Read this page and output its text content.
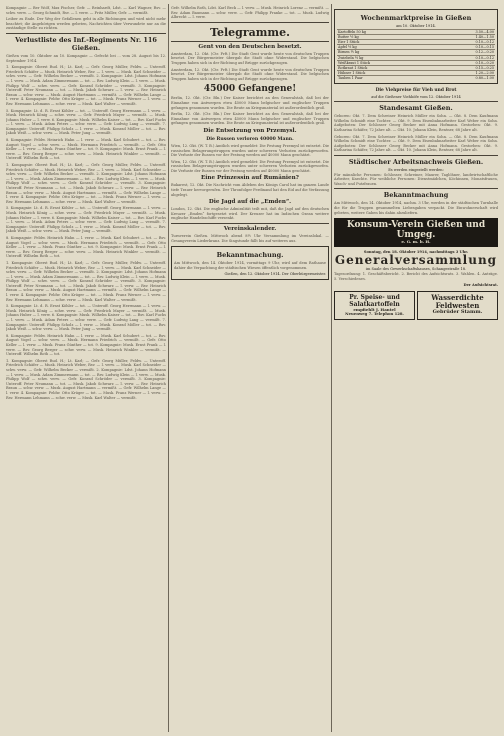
Kompagnie — Ber Wolf, Max Fischer, Gefr. — Reinhardt, Ldst. — Karl Wagner, Rsv. — schw. verw. — Georg Schmidt, Rsv. — l. verw. — Fritz Müller, Gefr. — vermißt.
Leiber zu Ende. Der Weg der Gefallenen geht in alle Richtungen und wird nicht mehr beachtet; die Angehörigen werden gebeten, Nachrichten über Verwundete nur an die zuständige Stelle zu richten.
Verlustliste des Inf.-Regiments Nr. 116 Gießen.
Gießen vom 10. Oktober an 10. Kompagnie — Gefecht bei ... vom 28. August bis 12. September 1914.
1. Kompagnie: Oberst Rud. H.; Lt. Karl; — Gefr. Georg Müller, Feldw. — Unteroff. Friedrich Schäfer — Musk. Heinrich Weber, Rsv. — l. verw. — Musk. Karl Schneider — schw. verw. — Gefr. Wilhelm Becker — vermißt. 2. Kompagnie: Ldst. Johann Hofmann — l. verw. — Musk. Adam Zimmermann — tot. — Rsv. Ludwig Klein — l. verw. — Musk. Philipp Wolf — schw. verw. — Gefr. Konrad Schröder — vermißt. 3. Kompagnie: Unteroff. Peter Neumann — tot. — Musk. Jakob Schwarz — l. verw. — Rsv. Heinrich Braun — schw. verw. — Musk. August Hartmann — vermißt. — Gefr. Wilhelm Lange — l. verw. 4. Kompagnie: Feldw. Otto Krüger — tot. — Musk. Franz Werner — l. verw. — Rsv. Hermann Lehmann — schw. verw. — Musk. Karl Walter — vermißt.
5. Kompagnie: Lt. d. R. Ernst Köhler — tot. — Unteroff. Georg Herrmann — l. verw. — Musk. Heinrich König — schw. verw. — Gefr. Friedrich Mayer — vermißt. — Musk. Johann Huber — l. verw. 6. Kompagnie: Musk. Wilhelm Kaiser — tot. — Rsv. Karl Fuchs — l. verw. — Musk. Adam Peters — schw. verw. — Gefr. Ludwig Lang — vermißt. 7. Kompagnie: Unteroff. Philipp Scholz — l. verw. — Musk. Konrad Möller — tot. — Rsv. Jakob Weiß — schw. verw. — Musk. Peter Jung — vermißt.
8. Kompagnie: Feldw. Heinrich Hahn — l. verw. — Musk. Karl Schubert — tot. — Rsv. August Vogel — schw. verw. — Musk. Hermann Friedrich — vermißt. — Gefr. Otto Keller — l. verw. — Musk. Franz Günther — tot. 9. Kompagnie: Musk. Ernst Frank — l. verw. — Rsv. Georg Berger — schw. verw. — Musk. Heinrich Winkler — vermißt. — Unteroff. Wilhelm Roth — tot.
1. Kompagnie: Oberst Rud. H.; Lt. Karl; — Gefr. Georg Müller, Feldw. — Unteroff. Friedrich Schäfer — Musk. Heinrich Weber, Rsv. — l. verw. — Musk. Karl Schneider — schw. verw. — Gefr. Wilhelm Becker — vermißt. 2. Kompagnie: Ldst. Johann Hofmann — l. verw. — Musk. Adam Zimmermann — tot. — Rsv. Ludwig Klein — l. verw. — Musk. Philipp Wolf — schw. verw. — Gefr. Konrad Schröder — vermißt. 3. Kompagnie: Unteroff. Peter Neumann — tot. — Musk. Jakob Schwarz — l. verw. — Rsv. Heinrich Braun — schw. verw. — Musk. August Hartmann — vermißt. — Gefr. Wilhelm Lange — l. verw. 4. Kompagnie: Feldw. Otto Krüger — tot. — Musk. Franz Werner — l. verw. — Rsv. Hermann Lehmann — schw. verw. — Musk. Karl Walter — vermißt.
5. Kompagnie: Lt. d. R. Ernst Köhler — tot. — Unteroff. Georg Herrmann — l. verw. — Musk. Heinrich König — schw. verw. — Gefr. Friedrich Mayer — vermißt. — Musk. Johann Huber — l. verw. 6. Kompagnie: Musk. Wilhelm Kaiser — tot. — Rsv. Karl Fuchs — l. verw. — Musk. Adam Peters — schw. verw. — Gefr. Ludwig Lang — vermißt. 7. Kompagnie: Unteroff. Philipp Scholz — l. verw. — Musk. Konrad Möller — tot. — Rsv. Jakob Weiß — schw. verw. — Musk. Peter Jung — vermißt.
8. Kompagnie: Feldw. Heinrich Hahn — l. verw. — Musk. Karl Schubert — tot. — Rsv. August Vogel — schw. verw. — Musk. Hermann Friedrich — vermißt. — Gefr. Otto Keller — l. verw. — Musk. Franz Günther — tot. 9. Kompagnie: Musk. Ernst Frank — l. verw. — Rsv. Georg Berger — schw. verw. — Musk. Heinrich Winkler — vermißt. — Unteroff. Wilhelm Roth — tot.
1. Kompagnie: Oberst Rud. H.; Lt. Karl; — Gefr. Georg Müller, Feldw. — Unteroff. Friedrich Schäfer — Musk. Heinrich Weber, Rsv. — l. verw. — Musk. Karl Schneider — schw. verw. — Gefr. Wilhelm Becker — vermißt. 2. Kompagnie: Ldst. Johann Hofmann — l. verw. — Musk. Adam Zimmermann — tot. — Rsv. Ludwig Klein — l. verw. — Musk. Philipp Wolf — schw. verw. — Gefr. Konrad Schröder — vermißt. 3. Kompagnie: Unteroff. Peter Neumann — tot. — Musk. Jakob Schwarz — l. verw. — Rsv. Heinrich Braun — schw. verw. — Musk. August Hartmann — vermißt. — Gefr. Wilhelm Lange — l. verw. 4. Kompagnie: Feldw. Otto Krüger — tot. — Musk. Franz Werner — l. verw. — Rsv. Hermann Lehmann — schw. verw. — Musk. Karl Walter — vermißt.
5. Kompagnie: Lt. d. R. Ernst Köhler — tot. — Unteroff. Georg Herrmann — l. verw. — Musk. Heinrich König — schw. verw. — Gefr. Friedrich Mayer — vermißt. — Musk. Johann Huber — l. verw. 6. Kompagnie: Musk. Wilhelm Kaiser — tot. — Rsv. Karl Fuchs — l. verw. — Musk. Adam Peters — schw. verw. — Gefr. Ludwig Lang — vermißt. 7. Kompagnie: Unteroff. Philipp Scholz — l. verw. — Musk. Konrad Möller — tot. — Rsv. Jakob Weiß — schw. verw. — Musk. Peter Jung — vermißt.
8. Kompagnie: Feldw. Heinrich Hahn — l. verw. — Musk. Karl Schubert — tot. — Rsv. August Vogel — schw. verw. — Musk. Hermann Friedrich — vermißt. — Gefr. Otto Keller — l. verw. — Musk. Franz Günther — tot. 9. Kompagnie: Musk. Ernst Frank — l. verw. — Rsv. Georg Berger — schw. verw. — Musk. Heinrich Winkler — vermißt. — Unteroff. Wilhelm Roth — tot.
1. Kompagnie: Oberst Rud. H.; Lt. Karl; — Gefr. Georg Müller, Feldw. — Unteroff. Friedrich Schäfer — Musk. Heinrich Weber, Rsv. — l. verw. — Musk. Karl Schneider — schw. verw. — Gefr. Wilhelm Becker — vermißt. 2. Kompagnie: Ldst. Johann Hofmann — l. verw. — Musk. Adam Zimmermann — tot. — Rsv. Ludwig Klein — l. verw. — Musk. Philipp Wolf — schw. verw. — Gefr. Konrad Schröder — vermißt. 3. Kompagnie: Unteroff. Peter Neumann — tot. — Musk. Jakob Schwarz — l. verw. — Rsv. Heinrich Braun — schw. verw. — Musk. August Hartmann — vermißt. — Gefr. Wilhelm Lange — l. verw. 4. Kompagnie: Feldw. Otto Krüger — tot. — Musk. Franz Werner — l. verw. — Rsv. Hermann Lehmann — schw. verw. — Musk. Karl Walter — vermißt.
Gefr. Wilhelm Roth, Ldst. Karl Beck — l. verw. — Musk. Heinrich Lorenz — vermißt. — Rsv. Adam Baumann — schw. verw. — Gefr. Philipp Franke — tot. — Musk. Ludwig Albrecht — l. verw.
Telegramme.
Gent von den Deutschen besetzt.
Amsterdam, 12. Okt. (Ctr. Frft.) Die Stadt Gent wurde heute von deutschen Truppen besetzt. Der Bürgermeister übergab die Stadt ohne Widerstand. Die belgischen Truppen haben sich in der Richtung auf Brügge zurückgezogen.
Amsterdam, 12. Okt. (Ctr. Frft.) Die Stadt Gent wurde heute von deutschen Truppen besetzt. Der Bürgermeister übergab die Stadt ohne Widerstand. Die belgischen Truppen haben sich in der Richtung auf Brügge zurückgezogen.
45000 Gefangene!
Berlin, 12. Okt. (Ctr. Bln.) Der Kaiser berichtet an den Generalstab, daß bei der Einnahme von Antwerpen etwa 45000 Mann belgischer und englischer Truppen gefangen genommen wurden. Die Beute an Kriegsmaterial ist außerordentlich groß.
Berlin, 12. Okt. (Ctr. Bln.) Der Kaiser berichtet an den Generalstab, daß bei der Einnahme von Antwerpen etwa 45000 Mann belgischer und englischer Truppen gefangen genommen wurden. Die Beute an Kriegsmaterial ist außerordentlich groß.
Die Entsetzung von Przemysl.
Die Russen verloren 40000 Mann.
Wien, 12. Okt. (W. T. B.) Amtlich wird gemeldet: Die Festung Przemysl ist entsetzt. Die russischen Belagerungstruppen wurden unter schweren Verlusten zurückgeworfen. Die Verluste der Russen vor der Festung werden auf 40000 Mann geschätzt.
Wien, 12. Okt. (W. T. B.) Amtlich wird gemeldet: Die Festung Przemysl ist entsetzt. Die russischen Belagerungstruppen wurden unter schweren Verlusten zurückgeworfen. Die Verluste der Russen vor der Festung werden auf 40000 Mann geschätzt.
Eine Prinzessin auf Rumänien?
Bukarest, 12. Okt. Die Nachricht vom Ableben des Königs Carol hat im ganzen Lande tiefe Trauer hervorgerufen. Der Thronfolger Ferdinand hat den Eid auf die Verfassung abgelegt.
Die Jagd auf die „Emden“.
London, 12. Okt. Die englische Admiralität teilt mit, daß die Jagd auf den deutschen Kreuzer „Emden“ fortgesetzt wird. Der Kreuzer hat im Indischen Ozean weitere englische Handelsschiffe versenkt.
Vereinskalender.
Turnverein Gießen. Mittwoch abend 8½ Uhr Versammlung im Vereinslokal. — Gesangverein Liederkranz. Die Singstunde fällt bis auf weiteres aus.
Bekanntmachung.
Am Mittwoch, den 14. Oktober 1914, vormittags 9 Uhr, wird auf dem Rathause dahier die Verpachtung der städtischen Wiesen öffentlich vorgenommen.
Gießen, den 12. Oktober 1914. Der Oberbürgermeister.
Wochenmarktpreise in Gießen
am 10. Oktober 1914.
Kartoffeln 50 kg	3.50—4.00
Butter ½ kg	1.40—1.50
Eier 1 Stück	0.10—0.12
Äpfel ½ kg	0.10—0.15
Birnen ½ kg	0.12—0.20
Zwiebeln ½ kg	0.10—0.12
Weißkraut 1 Stück	0.10—0.20
Rotkraut 1 Stück	0.15—0.25
Hühner 1 Stück	1.20—2.00
Tauben 1 Paar	0.80—1.00
Die Viehpreise für Vieh und Brot
auf die Gießener Viehhöfe vom 12. Oktober 1914
Standesamt Gießen.
Geboren: Okt. 7. Dem Schreiner Heinrich Müller ein Sohn. — Okt. 8. Dem Kaufmann Wilhelm Schmidt eine Tochter. — Okt. 9. Dem Eisenbahnarbeiter Karl Weber ein Sohn. Aufgeboten: Der Schlosser Georg Becker mit Anna Hofmann. Gestorben: Okt. 9. Katharina Schäfer, 72 Jahre alt. — Okt. 10. Johann Klein, Rentner, 68 Jahre alt.
Geboren: Okt. 7. Dem Schreiner Heinrich Müller ein Sohn. — Okt. 8. Dem Kaufmann Wilhelm Schmidt eine Tochter. — Okt. 9. Dem Eisenbahnarbeiter Karl Weber ein Sohn. Aufgeboten: Der Schlosser Georg Becker mit Anna Hofmann. Gestorben: Okt. 9. Katharina Schäfer, 72 Jahre alt. — Okt. 10. Johann Klein, Rentner, 68 Jahre alt.
Städtischer Arbeitsnachweis Gießen.
Es werden eingestellt werden:
Für männliche Personen: Schlosser, Schreiner, Maurer, Taglöhner, landwirtschaftliche Arbeiter, Knechte. Für weibliche Personen: Dienstmädchen, Köchinnen, Monatsfrauen, Wasch- und Putzfrauen.
Bekanntmachung
Am Mittwoch, den 14. Oktober 1914, nachm. 3 Uhr, werden in der städtischen Turnhalle die für die Truppen gesammelten Liebesgaben verpackt. Die Einwohnerschaft wird gebeten, weitere Gaben bis dahin abzuliefern.
Konsum-Verein Gießen und Umgeg.
e. G. m. b. H.
Sonntag, den 18. Oktober 1914, nachmittags 3 Uhr.
Generalversammlung
im Saale des Gewerkschaftshauses, Schangestraße 18.
Tagesordnung: 1. Geschäftsbericht. 2. Bericht des Aufsichtsrats. 3. Wahlen. 4. Anträge. 5. Verschiedenes.
Der Aufsichtsrat.
Pr. Speise- und Salatkartoffeln
empfiehlt J. Hantel
Neuenweg 7. Telephon 128.
Wasserdichte Feldwesten
Gebrüder Stamm.
